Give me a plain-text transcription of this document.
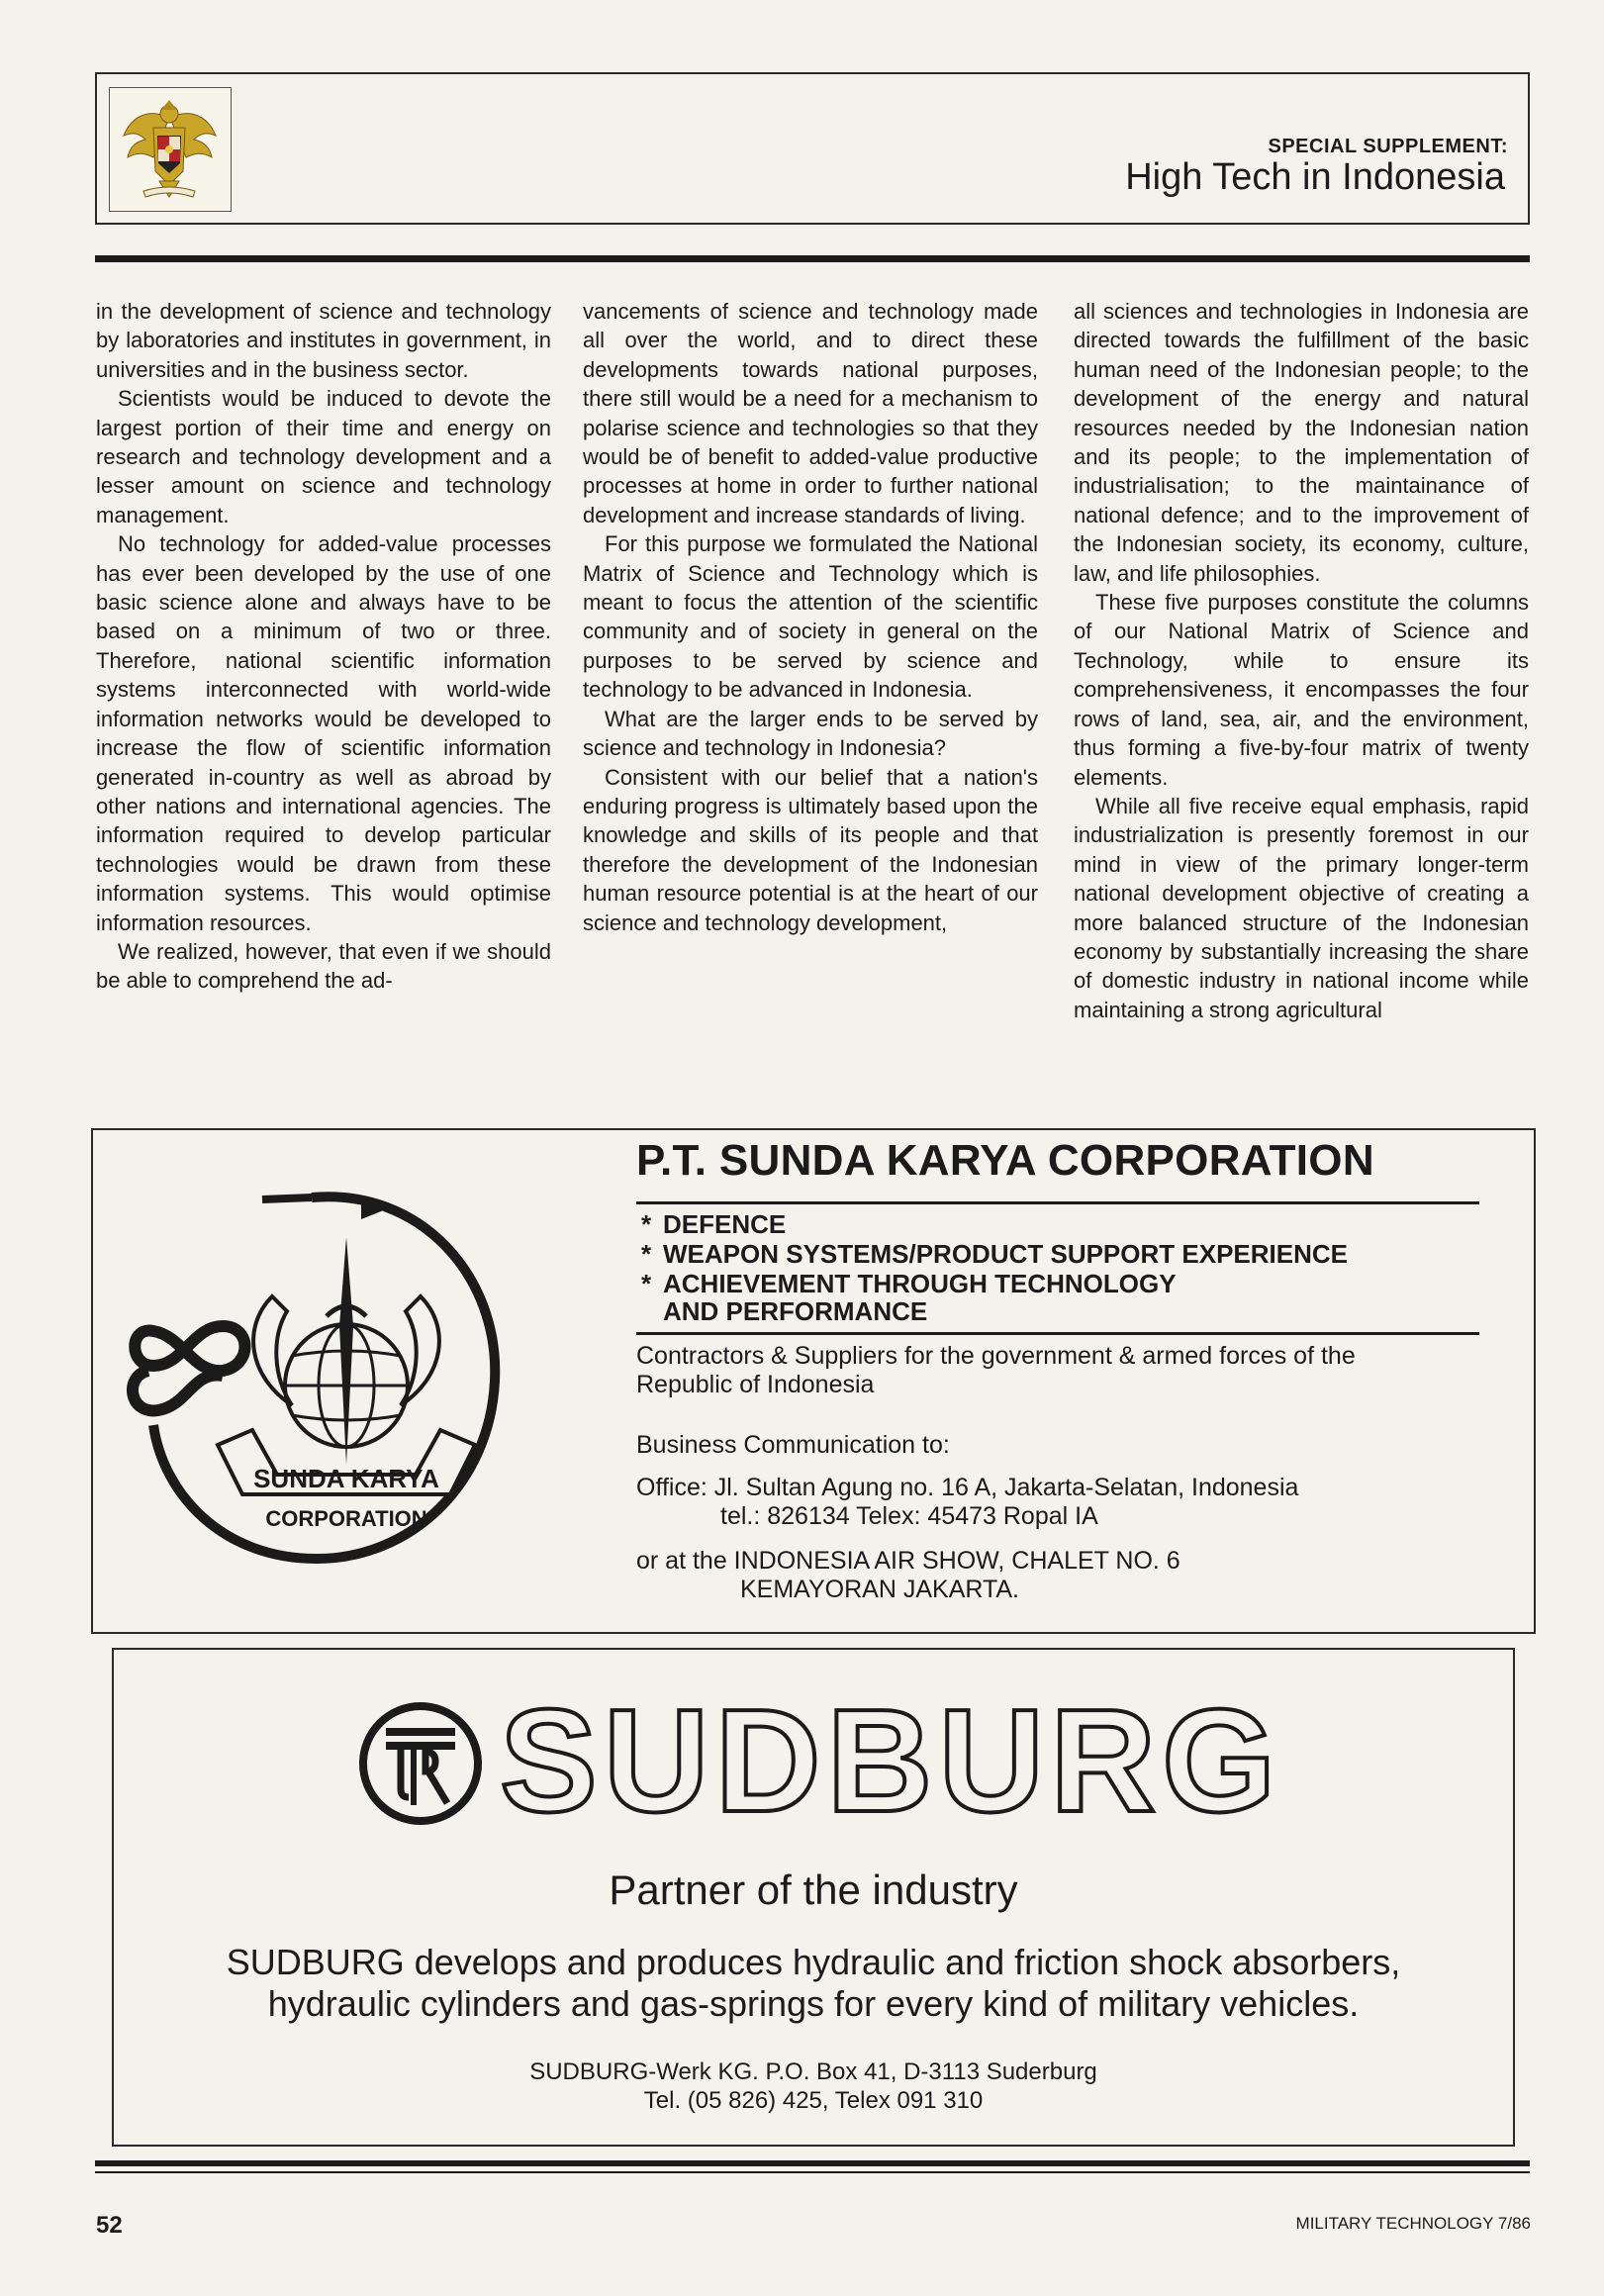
SPECIAL SUPPLEMENT:
High Tech in Indonesia

in the development of science and technology by laboratories and institutes in government, in universities and in the business sector.

Scientists would be induced to devote the largest portion of their time and energy on research and technology development and a lesser amount on science and technology management.

No technology for added-value processes has ever been developed by the use of one basic science alone and always have to be based on a minimum of two or three. Therefore, national scientific information systems interconnected with world-wide information networks would be developed to increase the flow of scientific information generated in-country as well as abroad by other nations and international agencies. The information required to develop particular technologies would be drawn from these information systems. This would optimise information resources.

We realized, however, that even if we should be able to comprehend the ad-

vancements of science and technology made all over the world, and to direct these developments towards national purposes, there still would be a need for a mechanism to polarise science and technologies so that they would be of benefit to added-value productive processes at home in order to further national development and increase standards of living.

For this purpose we formulated the National Matrix of Science and Technology which is meant to focus the attention of the scientific community and of society in general on the purposes to be served by science and technology to be advanced in Indonesia.

What are the larger ends to be served by science and technology in Indonesia?

Consistent with our belief that a nation's enduring progress is ultimately based upon the knowledge and skills of its people and that therefore the development of the Indonesian human resource potential is at the heart of our science and technology development,

all sciences and technologies in Indonesia are directed towards the fulfillment of the basic human need of the Indonesian people; to the development of the energy and natural resources needed by the Indonesian nation and its people; to the implementation of industrialisation; to the maintainance of national defence; and to the improvement of the Indonesian society, its economy, culture, law, and life philosophies.

These five purposes constitute the columns of our National Matrix of Science and Technology, while to ensure its comprehensiveness, it encompasses the four rows of land, sea, air, and the environment, thus forming a five-by-four matrix of twenty elements.

While all five receive equal emphasis, rapid industrialization is presently foremost in our mind in view of the primary longer-term national development objective of creating a more balanced structure of the Indonesian economy by substantially increasing the share of domestic industry in national income while maintaining a strong agricultural

SUNDA KARYA
CORPORATION
P.T. SUNDA KARYA CORPORATION
* DEFENCE
* WEAPON SYSTEMS/PRODUCT SUPPORT EXPERIENCE
* ACHIEVEMENT THROUGH TECHNOLOGY
AND PERFORMANCE
Contractors & Suppliers for the government & armed forces of the
Republic of Indonesia
Business Communication to:
Office: Jl. Sultan Agung no. 16 A, Jakarta-Selatan, Indonesia
tel.: 826134 Telex: 45473 Ropal IA
or at the INDONESIA AIR SHOW, CHALET NO. 6
KEMAYORAN JAKARTA.
SUDBURG
Partner of the industry
SUDBURG develops and produces hydraulic and friction shock absorbers,
hydraulic cylinders and gas-springs for every kind of military vehicles.
SUDBURG-Werk KG. P.O. Box 41, D-3113 Suderburg
Tel. (05 826) 425, Telex 091 310
52	MILITARY TECHNOLOGY 7/86
